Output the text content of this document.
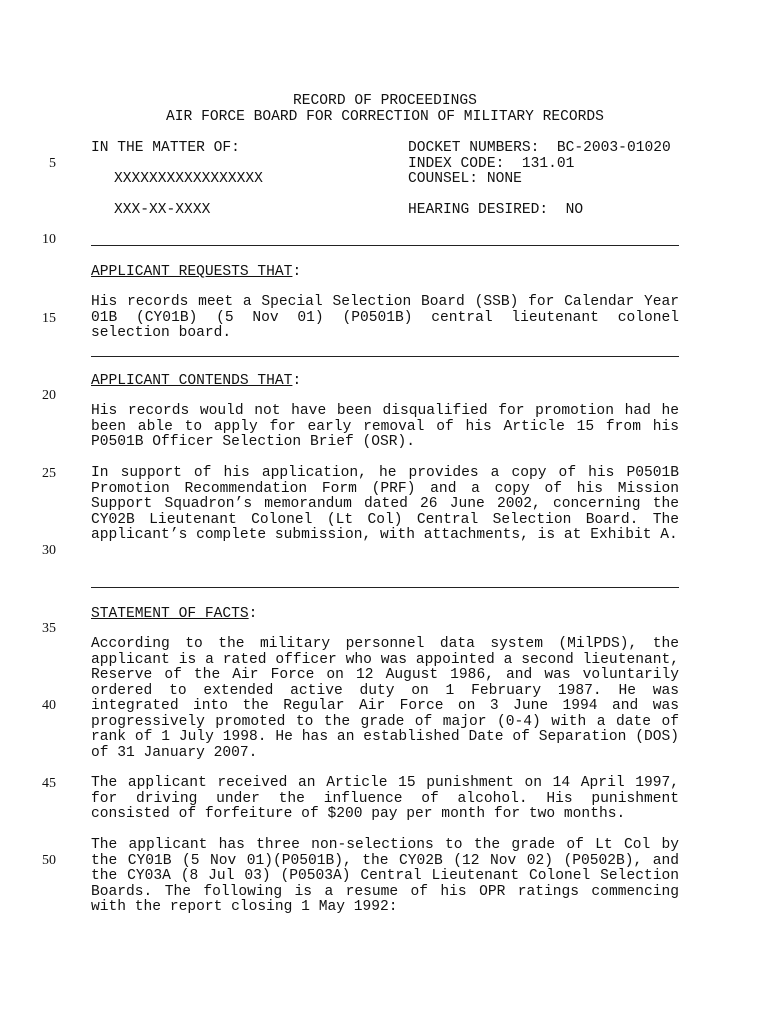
RECORD OF PROCEEDINGS
AIR FORCE BOARD FOR CORRECTION OF MILITARY RECORDS
IN THE MATTER OF:	DOCKET NUMBERS:  BC-2003-01020
INDEX CODE:  131.01
XXXXXXXXXXXXXXXXX	COUNSEL: NONE
XXX-XX-XXXX	HEARING DESIRED:  NO
5
10
15
20
25
30
35
40
45
50
APPLICANT REQUESTS THAT:
His records meet a Special Selection Board (SSB) for Calendar Year 01B (CY01B) (5 Nov 01) (P0501B) central lieutenant colonel selection board.
APPLICANT CONTENDS THAT:
His records would not have been disqualified for promotion had he been able to apply for early removal of his Article 15 from his P0501B Officer Selection Brief (OSR).
In support of his application, he provides a copy of his P0501B Promotion Recommendation Form (PRF) and a copy of his Mission Support Squadron’s memorandum dated 26 June 2002, concerning the CY02B Lieutenant Colonel (Lt Col) Central Selection Board. The applicant’s complete submission, with attachments, is at Exhibit A.
STATEMENT OF FACTS:
According to the military personnel data system (MilPDS), the applicant is a rated officer who was appointed a second lieutenant, Reserve of the Air Force on 12 August 1986, and was voluntarily ordered to extended active duty on 1 February 1987. He was integrated into the Regular Air Force on 3 June 1994 and was progressively promoted to the grade of major (0-4) with a date of rank of 1 July 1998. He has an established Date of Separation (DOS) of 31 January 2007.
The applicant received an Article 15 punishment on 14 April 1997, for driving under the influence of alcohol. His punishment consisted of forfeiture of $200 pay per month for two months.
The applicant has three non-selections to the grade of Lt Col by the CY01B (5 Nov 01)(P0501B), the CY02B (12 Nov 02) (P0502B), and the CY03A (8 Jul 03) (P0503A) Central Lieutenant Colonel Selection Boards. The following is a resume of his OPR ratings commencing with the report closing 1 May 1992:
